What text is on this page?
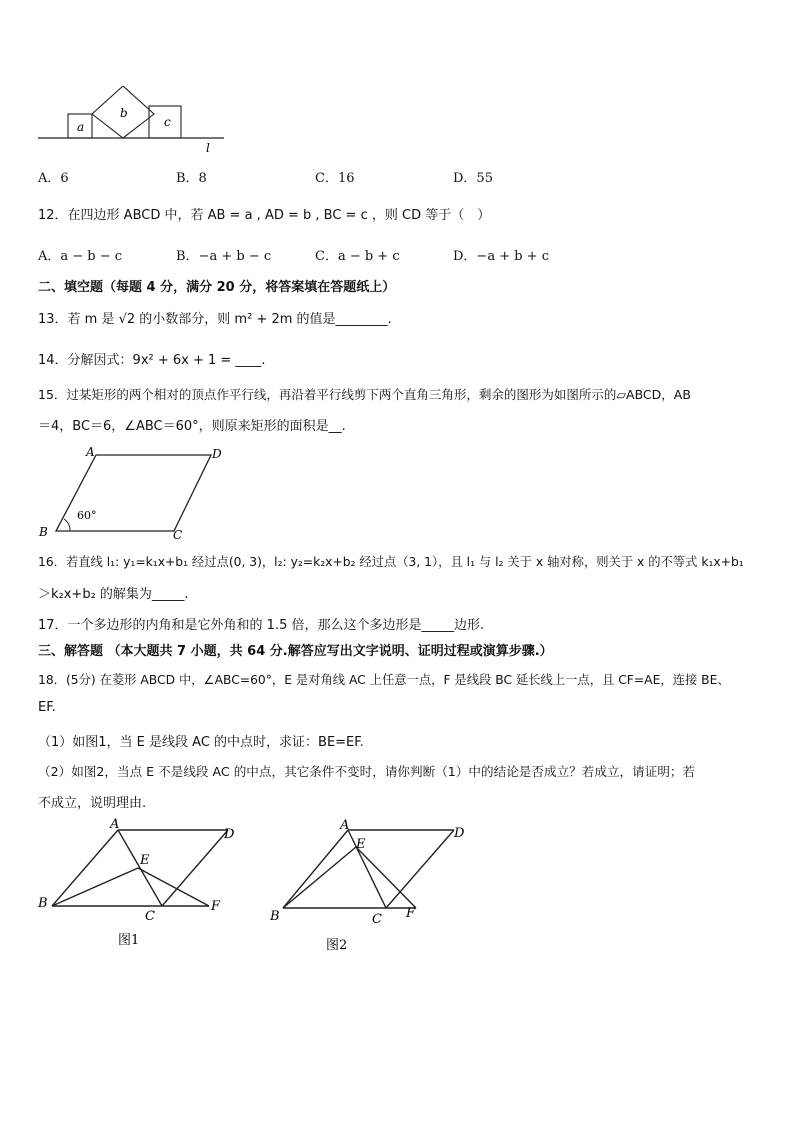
a
b
c
l
A．6	B．8	C．16	D．55
12．在四边形 ABCD 中，若 AB = a , AD = b , BC = c ，则 CD 等于（　）
A．a − b − c	B．−a + b − c	C．a − b + c	D．−a + b + c
二、填空题（每题 4 分，满分 20 分，将答案填在答题纸上）
13．若 m 是 √2 的小数部分，则 m² + 2m 的值是________.
14．分解因式：9x² + 6x + 1 = ____.
15．过某矩形的两个相对的顶点作平行线，再沿着平行线剪下两个直角三角形，剩余的图形为如图所示的▱ABCD，AB
＝4，BC＝6，∠ABC＝60°，则原来矩形的面积是__.
A	D
B	C
60°
16．若直线 l₁: y₁=k₁x+b₁ 经过点(0, 3)，l₂: y₂=k₂x+b₂ 经过点（3, 1），且 l₁ 与 l₂ 关于 x 轴对称，则关于 x 的不等式 k₁x+b₁
＞k₂x+b₂ 的解集为_____.
17．一个多边形的内角和是它外角和的 1.5 倍，那么这个多边形是_____边形.
三、解答题 （本大题共 7 小题，共 64 分.解答应写出文字说明、证明过程或演算步骤.）
18．(5分) 在菱形 ABCD 中，∠ABC=60°，E 是对角线 AC 上任意一点，F 是线段 BC 延长线上一点，且 CF=AE，连接 BE、
EF.
（1）如图1，当 E 是线段 AC 的中点时，求证：BE=EF.
（2）如图2，当点 E 不是线段 AC 的中点，其它条件不变时，请你判断（1）中的结论是否成立？若成立，请证明；若
不成立，说明理由.
A
D
E
B
C
F
图1
A
D
E
B	C F
图2
